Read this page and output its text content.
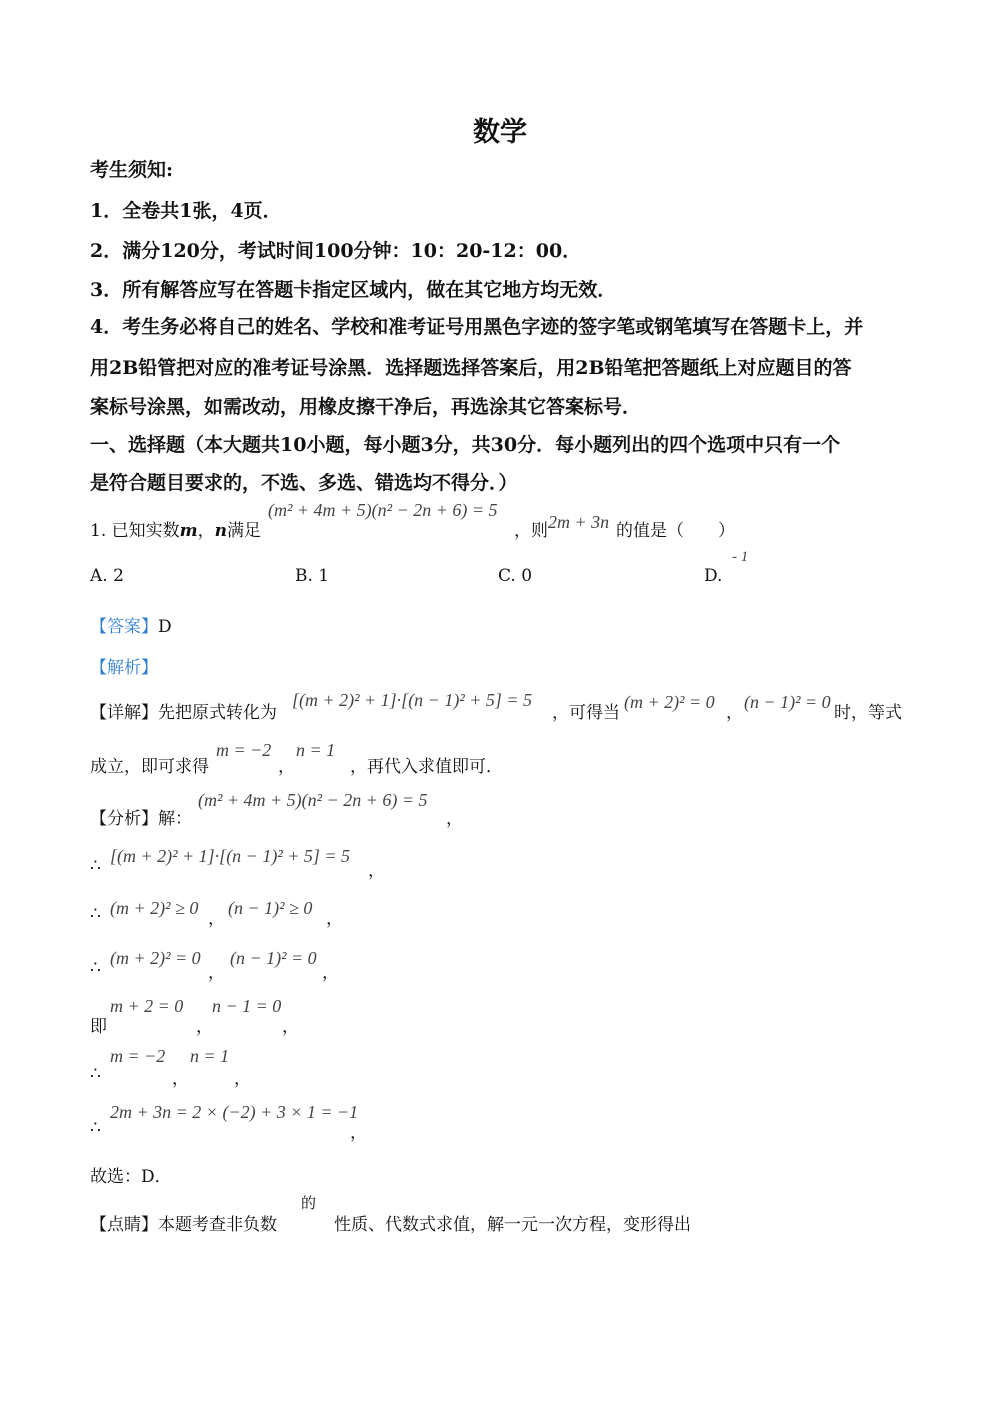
数学
考生须知:
1．全卷共1张，4页．
2．满分120分，考试时间100分钟：10：20-12：00．
3．所有解答应写在答题卡指定区域内，做在其它地方均无效．
4．考生务必将自己的姓名、学校和准考证号用黑色字迹的签字笔或钢笔填写在答题卡上，并
用2B铅管把对应的准考证号涂黑．选择题选择答案后，用2B铅笔把答题纸上对应题目的答
案标号涂黑，如需改动，用橡皮擦干净后，再选涂其它答案标号．
一、选择题（本大题共10小题，每小题3分，共30分．每小题列出的四个选项中只有一个
是符合题目要求的，不选、多选、错选均不得分．）
1. 已知实数m，n满足
(m² + 4m + 5)(n² − 2n + 6) = 5
，则 2m + 3n 的值是（　　）
A. 2	B. 1	C. 0	D.
- 1
【答案】D
【解析】
【详解】先把原式转化为
[(m + 2)² + 1]·[(n − 1)² + 5] = 5
，可得当
(m + 2)² = 0
，
(n − 1)² = 0
时，等式
成立，即可求得
m = −2
，
n = 1
，再代入求值即可．
【分析】解：
(m² + 4m + 5)(n² − 2n + 6) = 5
，
∴ [(m + 2)² + 1]·[(n − 1)² + 5] = 5
，
∴ (m + 2)² ≥ 0
，
(n − 1)² ≥ 0
，
∴ (m + 2)² = 0
，
(n − 1)² = 0
，
即
m + 2 = 0
，
n − 1 = 0
，
∴
m = −2
，
n = 1
，
∴
2m + 3n = 2 × (−2) + 3 × 1 = −1
，
故选：D．
【点睛】本题考查非负数
的
性质、代数式求值，解一元一次方程，变形得出
